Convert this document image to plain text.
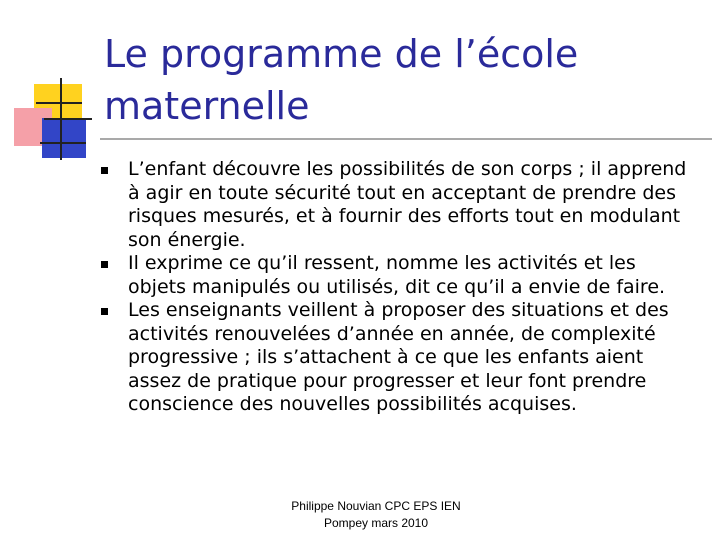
Le programme de l’école maternelle
L’enfant découvre les possibilités de son corps ; il apprend à agir en toute sécurité tout en acceptant de prendre des risques mesurés, et à fournir des efforts tout en modulant son énergie.
Il exprime ce qu’il ressent, nomme les activités et les objets manipulés ou utilisés, dit ce qu’il a envie de faire.
Les enseignants veillent à proposer des situations et des activités renouvelées d’année en année, de complexité progressive ; ils s’attachent à ce que les enfants aient assez de pratique pour progresser et leur font prendre conscience des nouvelles possibilités acquises.
Philippe Nouvian CPC EPS IEN
Pompey mars 2010
